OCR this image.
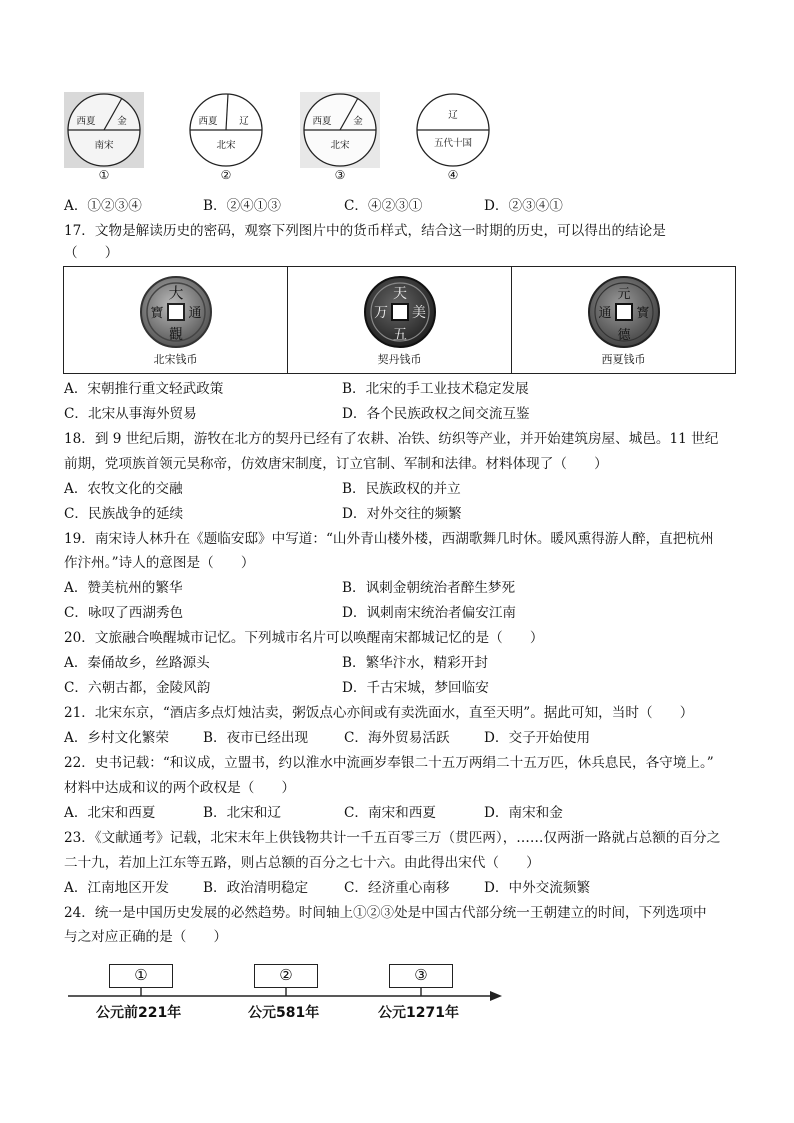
西夏 金
南宋
①
西夏 辽
北宋
②
西夏 金
北宋
③
辽
五代十国
④
A．①②③④	B．②④①③	C．④②③①	D．②③④①
17．文物是解读历史的密码，观察下列图片中的货币样式，结合这一时期的历史，可以得出的结论是
（　　）
大
通
觀
寶
北宋钱币
天
美
五
万
契丹钱币
元
寳
德
通
西夏钱币
A．宋朝推行重文轻武政策	B．北宋的手工业技术稳定发展
C．北宋从事海外贸易	D．各个民族政权之间交流互鉴
18．到 9 世纪后期，游牧在北方的契丹已经有了农耕、冶铁、纺织等产业，并开始建筑房屋、城邑。11 世纪
前期，党项族首领元昊称帝，仿效唐宋制度，订立官制、军制和法律。材料体现了（　　）
A．农牧文化的交融	B．民族政权的并立
C．民族战争的延续	D．对外交往的频繁
19．南宋诗人林升在《题临安邸》中写道：“山外青山楼外楼，西湖歌舞几时休。暖风熏得游人醉，直把杭州
作汴州。”诗人的意图是（　　）
A．赞美杭州的繁华	B．讽刺金朝统治者醉生梦死
C．咏叹了西湖秀色	D．讽刺南宋统治者偏安江南
20．文旅融合唤醒城市记忆。下列城市名片可以唤醒南宋都城记忆的是（　　）
A．秦俑故乡，丝路源头	B．繁华汴水，精彩开封
C．六朝古都，金陵风韵	D．千古宋城，梦回临安
21．北宋东京，“酒店多点灯烛沽卖，粥饭点心亦间或有卖洗面水，直至天明”。据此可知，当时（　　）
A．乡村文化繁荣	B．夜市已经出现	C．海外贸易活跃	D．交子开始使用
22．史书记载：“和议成，立盟书，约以淮水中流画岁奉银二十五万两绢二十五万匹，休兵息民，各守境上。”
材料中达成和议的两个政权是（　　）
A．北宋和西夏	B．北宋和辽	C．南宋和西夏	D．南宋和金
23．《文献通考》记载，北宋末年上供钱物共计一千五百零三万（贯匹两），……仅两浙一路就占总额的百分之
二十九，若加上江东等五路，则占总额的百分之七十六。由此得出宋代（　　）
A．江南地区开发	B．政治清明稳定	C．经济重心南移	D．中外交流频繁
24．统一是中国历史发展的必然趋势。时间轴上①②③处是中国古代部分统一王朝建立的时间，下列选项中
与之对应正确的是（　　）
①	②	③
公元前221年	公元581年	公元1271年
